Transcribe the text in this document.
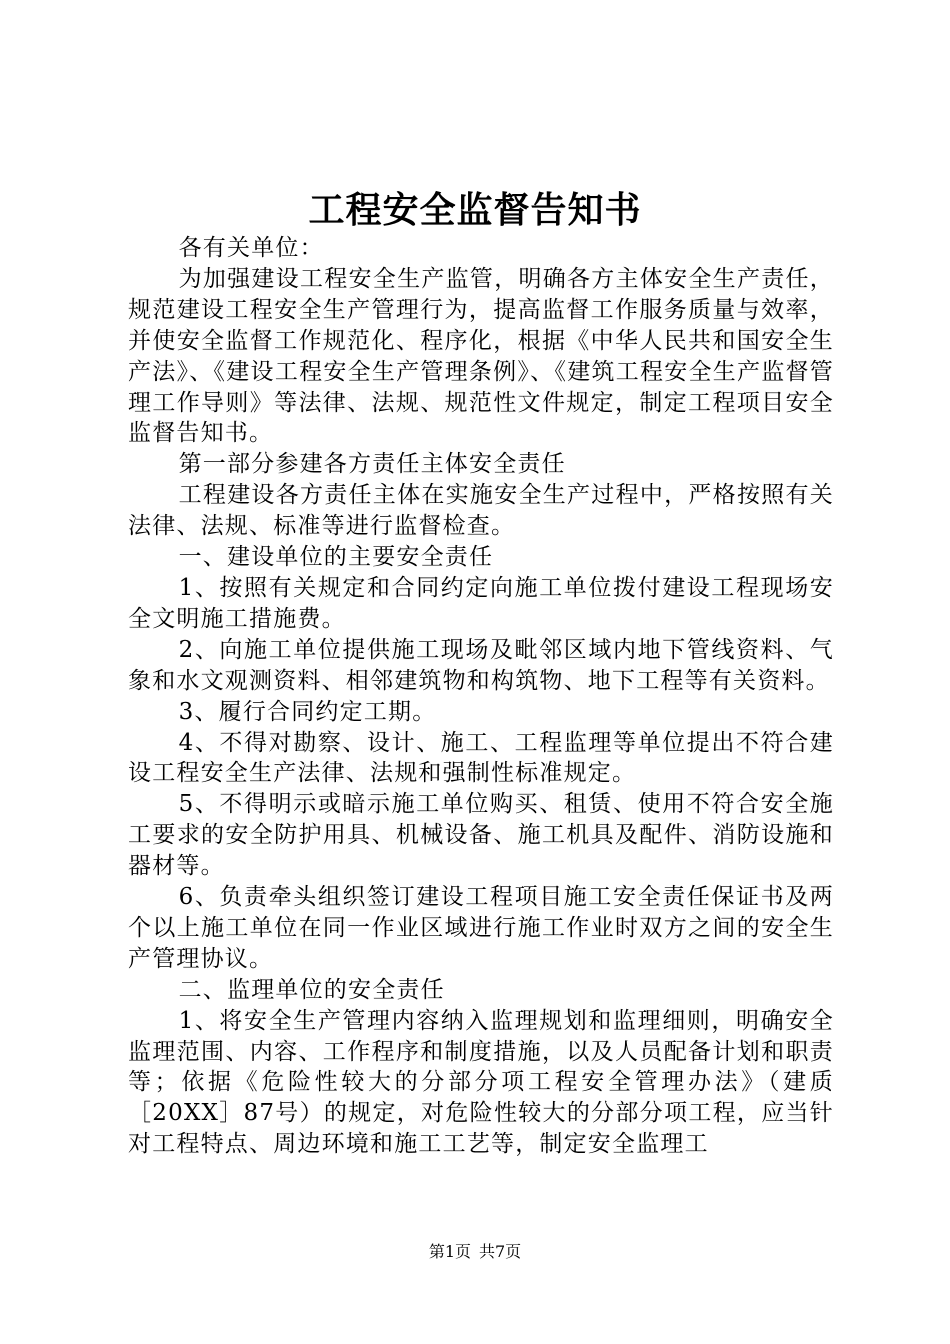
工程安全监督告知书

各有关单位：

为加强建设工程安全生产监管，明确各方主体安全生产责任，规范建设工程安全生产管理行为，提高监督工作服务质量与效率，并使安全监督工作规范化、程序化，根据《中华人民共和国安全生产法》、《建设工程安全生产管理条例》、《建筑工程安全生产监督管理工作导则》等法律、法规、规范性文件规定，制定工程项目安全监督告知书。

第一部分参建各方责任主体安全责任

工程建设各方责任主体在实施安全生产过程中，严格按照有关法律、法规、标准等进行监督检查。

一、建设单位的主要安全责任

1、按照有关规定和合同约定向施工单位拨付建设工程现场安全文明施工措施费。

2、向施工单位提供施工现场及毗邻区域内地下管线资料、气象和水文观测资料、相邻建筑物和构筑物、地下工程等有关资料。

3、履行合同约定工期。

4、不得对勘察、设计、施工、工程监理等单位提出不符合建设工程安全生产法律、法规和强制性标准规定。

5、不得明示或暗示施工单位购买、租赁、使用不符合安全施工要求的安全防护用具、机械设备、施工机具及配件、消防设施和器材等。

6、负责牵头组织签订建设工程项目施工安全责任保证书及两个以上施工单位在同一作业区域进行施工作业时双方之间的安全生产管理协议。

二、监理单位的安全责任

1、将安全生产管理内容纳入监理规划和监理细则，明确安全监理范围、内容、工作程序和制度措施，以及人员配备计划和职责等；依据《危险性较大的分部分项工程安全管理办法》（建质［20XX］87号）的规定，对危险性较大的分部分项工程，应当针对工程特点、周边环境和施工工艺等，制定安全监理工

第1页 共7页
